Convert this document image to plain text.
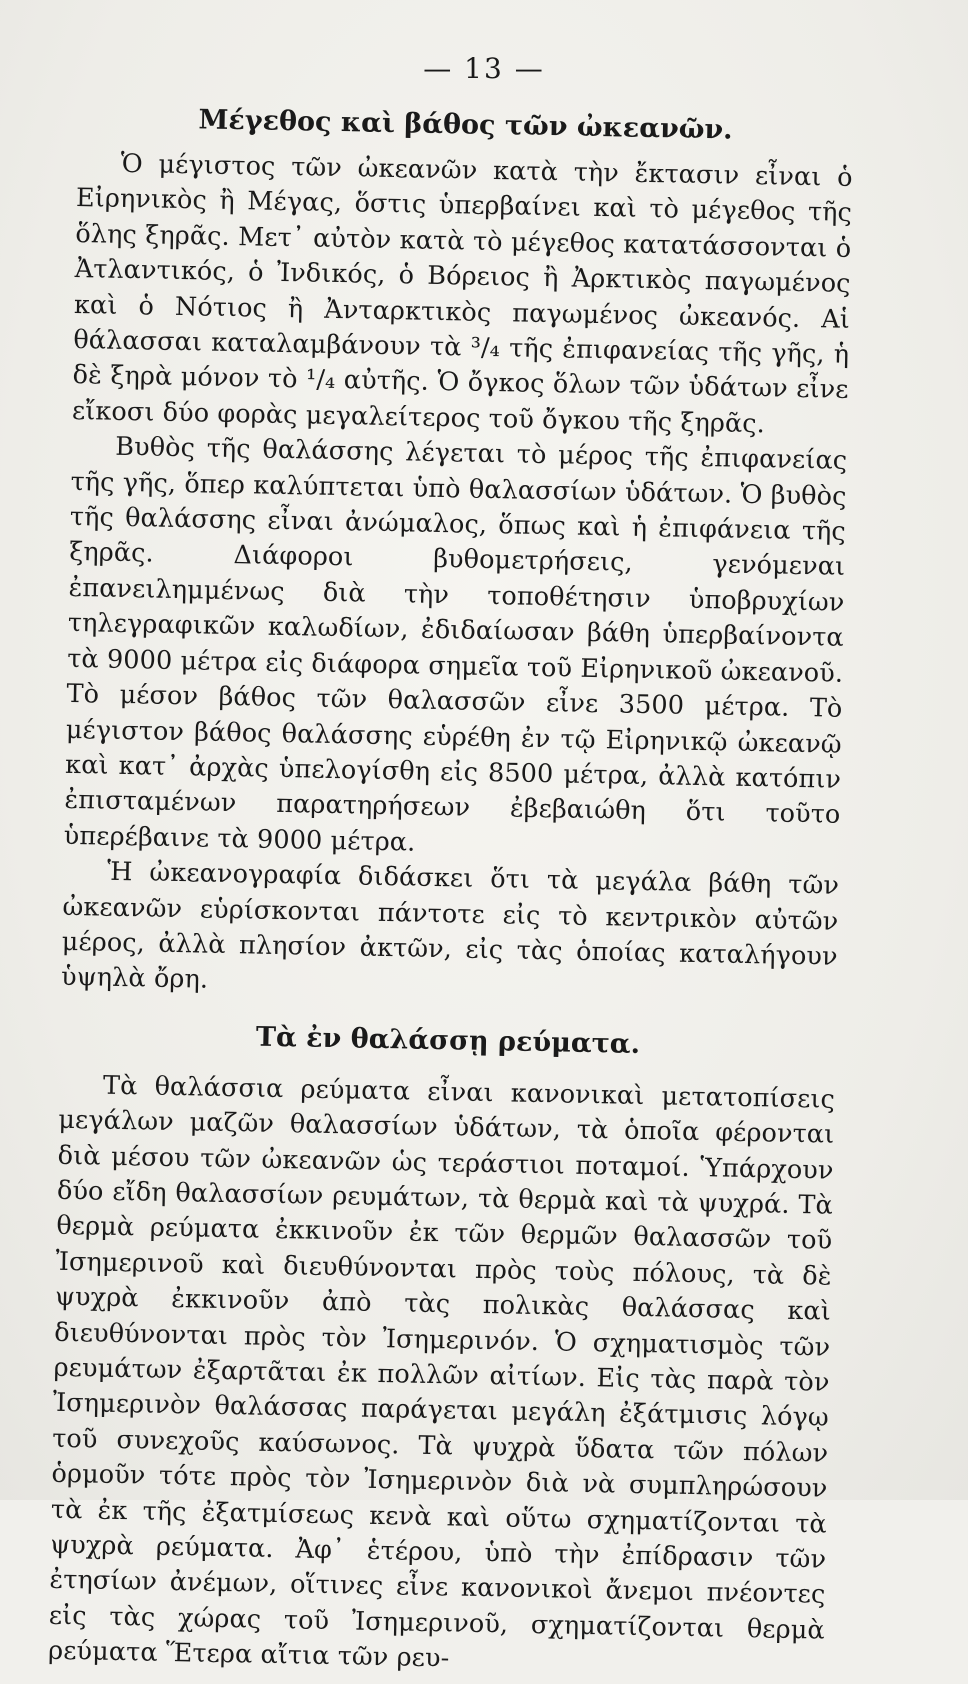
— 13 —
Μέγεθος καὶ βάθος τῶν ὠκεανῶν.

Ὁ μέγιστος τῶν ὠκεανῶν κατὰ τὴν ἔκτασιν εἶναι ὁ Εἰρηνικὸς ἢ Μέγας, ὅστις ὑπερβαίνει καὶ τὸ μέγεθος τῆς ὅλης ξηρᾶς. Μετ᾽ αὐτὸν κατὰ τὸ μέγεθος κατατάσσονται ὁ Ἀτλαντικός, ὁ Ἰνδικός, ὁ Βόρειος ἢ Ἀρκτικὸς παγωμένος καὶ ὁ Νότιος ἢ Ἀνταρκτικὸς παγωμένος ὠκεανός. Αἱ θάλασσαι καταλαμβάνουν τὰ ³/₄ τῆς ἐπιφανείας τῆς γῆς, ἡ δὲ ξηρὰ μόνον τὸ ¹/₄ αὐτῆς. Ὁ ὄγκος ὅλων τῶν ὑδάτων εἶνε εἴκοσι δύο φορὰς μεγαλείτερος τοῦ ὄγκου τῆς ξηρᾶς.

Βυθὸς τῆς θαλάσσης λέγεται τὸ μέρος τῆς ἐπιφανείας τῆς γῆς, ὅπερ καλύπτεται ὑπὸ θαλασσίων ὑδάτων. Ὁ βυθὸς τῆς θαλάσσης εἶναι ἀνώμαλος, ὅπως καὶ ἡ ἐπιφάνεια τῆς ξηρᾶς. Διάφοροι βυθομετρήσεις, γενόμεναι ἐπανειλημμένως διὰ τὴν τοποθέτησιν ὑποβρυχίων τηλεγραφικῶν καλωδίων, ἐδιδαίωσαν βάθη ὑπερβαίνοντα τὰ 9000 μέτρα εἰς διάφορα σημεῖα τοῦ Εἰρηνικοῦ ὠκεανοῦ. Τὸ μέσον βάθος τῶν θαλασσῶν εἶνε 3500 μέτρα. Τὸ μέγιστον βάθος θαλάσσης εὑρέθη ἐν τῷ Εἰρηνικῷ ὠκεανῷ καὶ κατ᾽ ἀρχὰς ὑπελογίσθη εἰς 8500 μέτρα, ἀλλὰ κατόπιν ἐπισταμένων παρατηρήσεων ἐβεβαιώθη ὅτι τοῦτο ὑπερέβαινε τὰ 9000 μέτρα.

Ἡ ὠκεανογραφία διδάσκει ὅτι τὰ μεγάλα βάθη τῶν ὠκεανῶν εὑρίσκονται πάντοτε εἰς τὸ κεντρικὸν αὐτῶν μέρος, ἀλλὰ πλησίον ἀκτῶν, εἰς τὰς ὁποίας καταλήγουν ὑψηλὰ ὄρη.

Τὰ ἐν θαλάσσῃ ρεύματα.

Τὰ θαλάσσια ρεύματα εἶναι κανονικαὶ μετατοπίσεις μεγάλων μαζῶν θαλασσίων ὑδάτων, τὰ ὁποῖα φέρονται διὰ μέσου τῶν ὠκεανῶν ὡς τεράστιοι ποταμοί. Ὑπάρχουν δύο εἴδη θαλασσίων ρευμάτων, τὰ θερμὰ καὶ τὰ ψυχρά. Τὰ θερμὰ ρεύματα ἐκκινοῦν ἐκ τῶν θερμῶν θαλασσῶν τοῦ Ἰσημερινοῦ καὶ διευθύνονται πρὸς τοὺς πόλους, τὰ δὲ ψυχρὰ ἐκκινοῦν ἀπὸ τὰς πολικὰς θαλάσσας καὶ διευθύνονται πρὸς τὸν Ἰσημερινόν. Ὁ σχηματισμὸς τῶν ρευμάτων ἐξαρτᾶται ἐκ πολλῶν αἰτίων. Εἰς τὰς παρὰ τὸν Ἰσημερινὸν θαλάσσας παράγεται μεγάλη ἐξάτμισις λόγῳ τοῦ συνεχοῦς καύσωνος. Τὰ ψυχρὰ ὕδατα τῶν πόλων ὁρμοῦν τότε πρὸς τὸν Ἰσημερινὸν διὰ νὰ συμπληρώσουν τὰ ἐκ τῆς ἐξατμίσεως κενὰ καὶ οὕτω σχηματίζονται τὰ ψυχρὰ ρεύματα. Ἀφ᾽ ἑτέρου, ὑπὸ τὴν ἐπίδρασιν τῶν ἐτησίων ἀνέμων, οἵτινες εἶνε κανονικοὶ ἄνεμοι πνέοντες εἰς τὰς χώρας τοῦ Ἰσημερινοῦ, σχηματίζονται θερμὰ ρεύματα Ἕτερα αἴτια τῶν ρευ-
